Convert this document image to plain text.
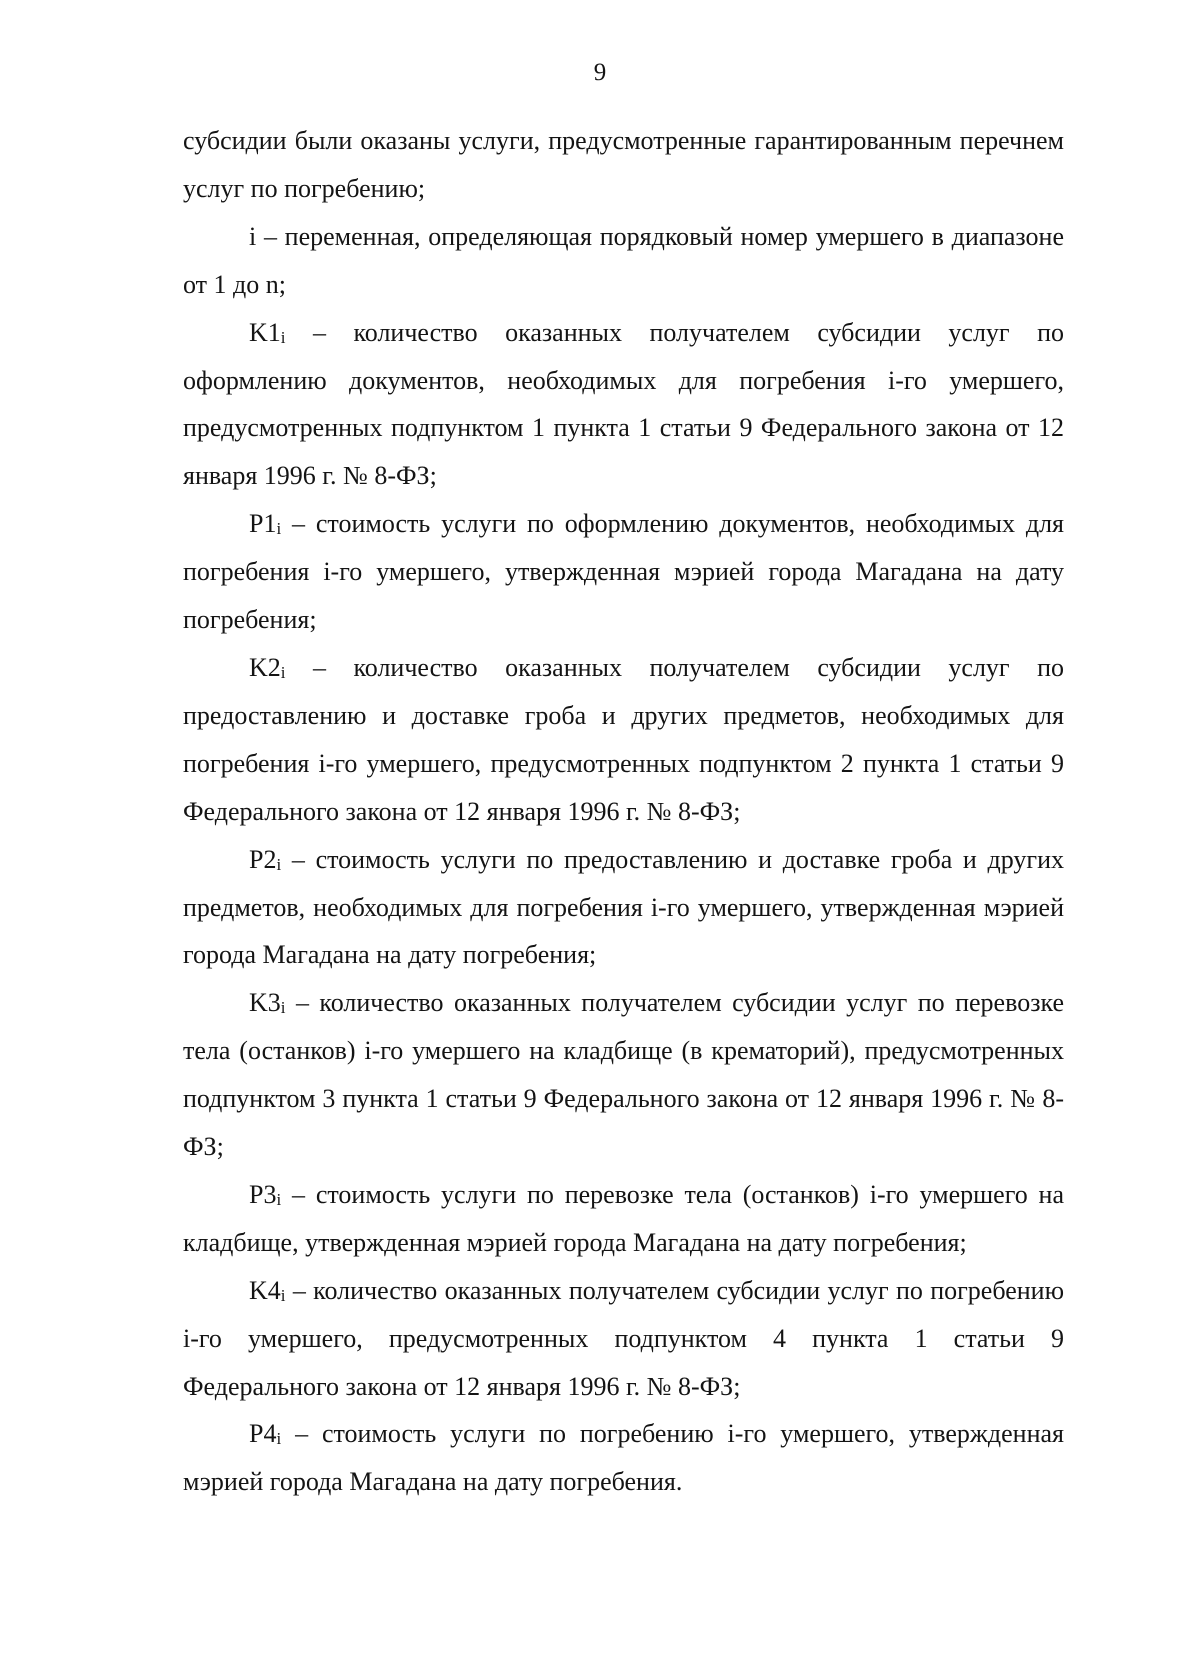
9

субсидии были оказаны услуги, предусмотренные гарантированным перечнем услуг по погребению;

i – переменная, определяющая порядковый номер умершего в диапазоне от 1 до n;

K1i – количество оказанных получателем субсидии услуг по оформлению документов, необходимых для погребения i-го умершего, предусмотренных подпунктом 1 пункта 1 статьи 9 Федерального закона от 12 января 1996 г. № 8-ФЗ;

P1i – стоимость услуги по оформлению документов, необходимых для погребения i-го умершего, утвержденная мэрией города Магадана на дату погребения;

K2i – количество оказанных получателем субсидии услуг по предоставлению и доставке гроба и других предметов, необходимых для погребения i-го умершего, предусмотренных подпунктом 2 пункта 1 статьи 9 Федерального закона от 12 января 1996 г. № 8-ФЗ;

P2i – стоимость услуги по предоставлению и доставке гроба и других предметов, необходимых для погребения i-го умершего, утвержденная мэрией города Магадана на дату погребения;

K3i – количество оказанных получателем субсидии услуг по перевозке тела (останков) i-го умершего на кладбище (в крематорий), предусмотренных подпунктом 3 пункта 1 статьи 9 Федерального закона от 12 января 1996 г. № 8-ФЗ;

P3i – стоимость услуги по перевозке тела (останков) i-го умершего на кладбище, утвержденная мэрией города Магадана на дату погребения;

K4i – количество оказанных получателем субсидии услуг по погребению i-го умершего, предусмотренных подпунктом 4 пункта 1 статьи 9 Федерального закона от 12 января 1996 г. № 8-ФЗ;

P4i – стоимость услуги по погребению i-го умершего, утвержденная мэрией города Магадана на дату погребения.
